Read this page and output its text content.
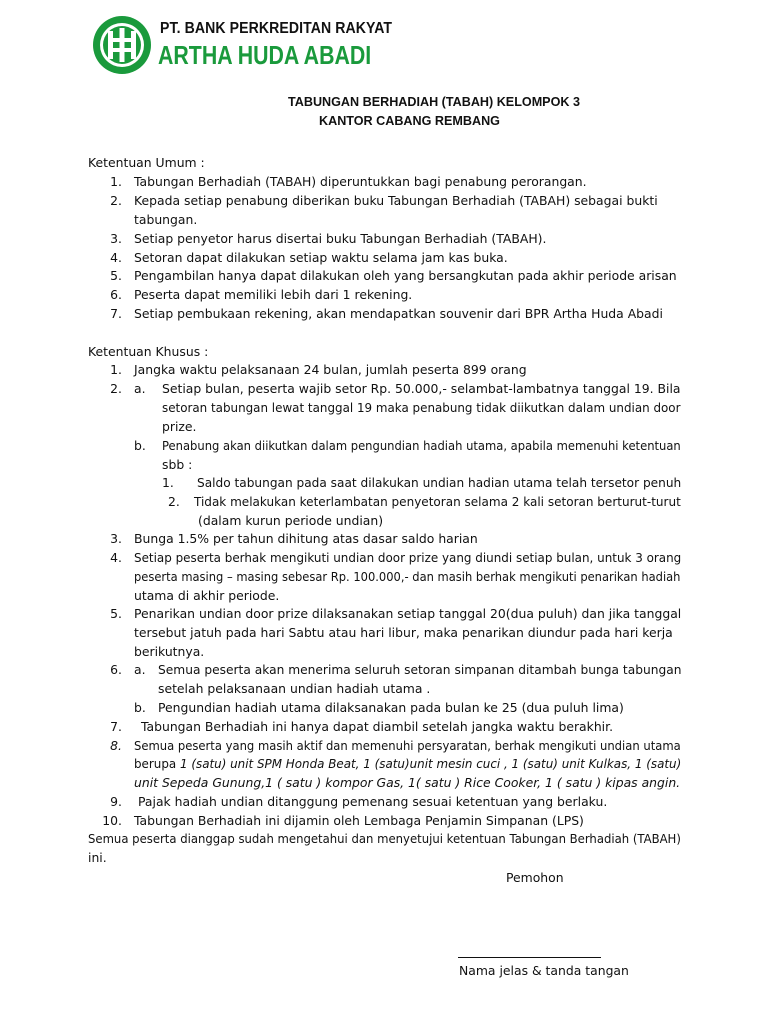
PT. BANK PERKREDITAN RAKYAT
ARTHA HUDA ABADI
TABUNGAN BERHADIAH (TABAH) KELOMPOK 3
KANTOR CABANG REMBANG
Ketentuan Umum :
1. Tabungan Berhadiah (TABAH) diperuntukkan bagi penabung perorangan.
2. Kepada setiap penabung diberikan buku Tabungan Berhadiah (TABAH) sebagai bukti
tabungan.
3. Setiap penyetor harus disertai buku Tabungan Berhadiah (TABAH).
4. Setoran dapat dilakukan setiap waktu selama jam kas buka.
5. Pengambilan hanya dapat dilakukan oleh yang bersangkutan pada akhir periode arisan
6. Peserta dapat memiliki lebih dari 1 rekening.
7. Setiap pembukaan rekening, akan mendapatkan souvenir dari BPR Artha Huda Abadi
Ketentuan Khusus :
1. Jangka waktu pelaksanaan 24 bulan, jumlah peserta 899 orang
2. a. Setiap bulan, peserta wajib setor Rp. 50.000,- selambat-lambatnya tanggal 19. Bila
setoran tabungan lewat tanggal 19 maka penabung tidak diikutkan dalam undian door
prize.
b. Penabung akan diikutkan dalam pengundian hadiah utama, apabila memenuhi ketentuan
sbb :
1. Saldo tabungan pada saat dilakukan undian hadian utama telah tersetor penuh
2. Tidak melakukan keterlambatan penyetoran selama 2 kali setoran berturut-turut
(dalam kurun periode undian)
3. Bunga 1.5% per tahun dihitung atas dasar saldo harian
4. Setiap peserta berhak mengikuti undian door prize yang diundi setiap bulan, untuk 3 orang
peserta masing – masing sebesar Rp. 100.000,- dan masih berhak mengikuti penarikan hadiah
utama di akhir periode.
5. Penarikan undian door prize dilaksanakan setiap tanggal 20(dua puluh) dan jika tanggal
tersebut jatuh pada hari Sabtu atau hari libur, maka penarikan diundur pada hari kerja
berikutnya.
6. a. Semua peserta akan menerima seluruh setoran simpanan ditambah bunga tabungan
setelah pelaksanaan undian hadiah utama .
b. Pengundian hadiah utama dilaksanakan pada bulan ke 25 (dua puluh lima)
7. Tabungan Berhadiah ini hanya dapat diambil setelah jangka waktu berakhir.
8. Semua peserta yang masih aktif dan memenuhi persyaratan, berhak mengikuti undian utama
berupa 1 (satu) unit SPM Honda Beat, 1 (satu)unit mesin cuci , 1 (satu) unit Kulkas, 1 (satu)
unit Sepeda Gunung,1 ( satu ) kompor Gas, 1( satu ) Rice Cooker, 1 ( satu ) kipas angin.
9. Pajak hadiah undian ditanggung pemenang sesuai ketentuan yang berlaku.
10. Tabungan Berhadiah ini dijamin oleh Lembaga Penjamin Simpanan (LPS)
Semua peserta dianggap sudah mengetahui dan menyetujui ketentuan Tabungan Berhadiah (TABAH)
ini.
Pemohon
Nama jelas & tanda tangan
